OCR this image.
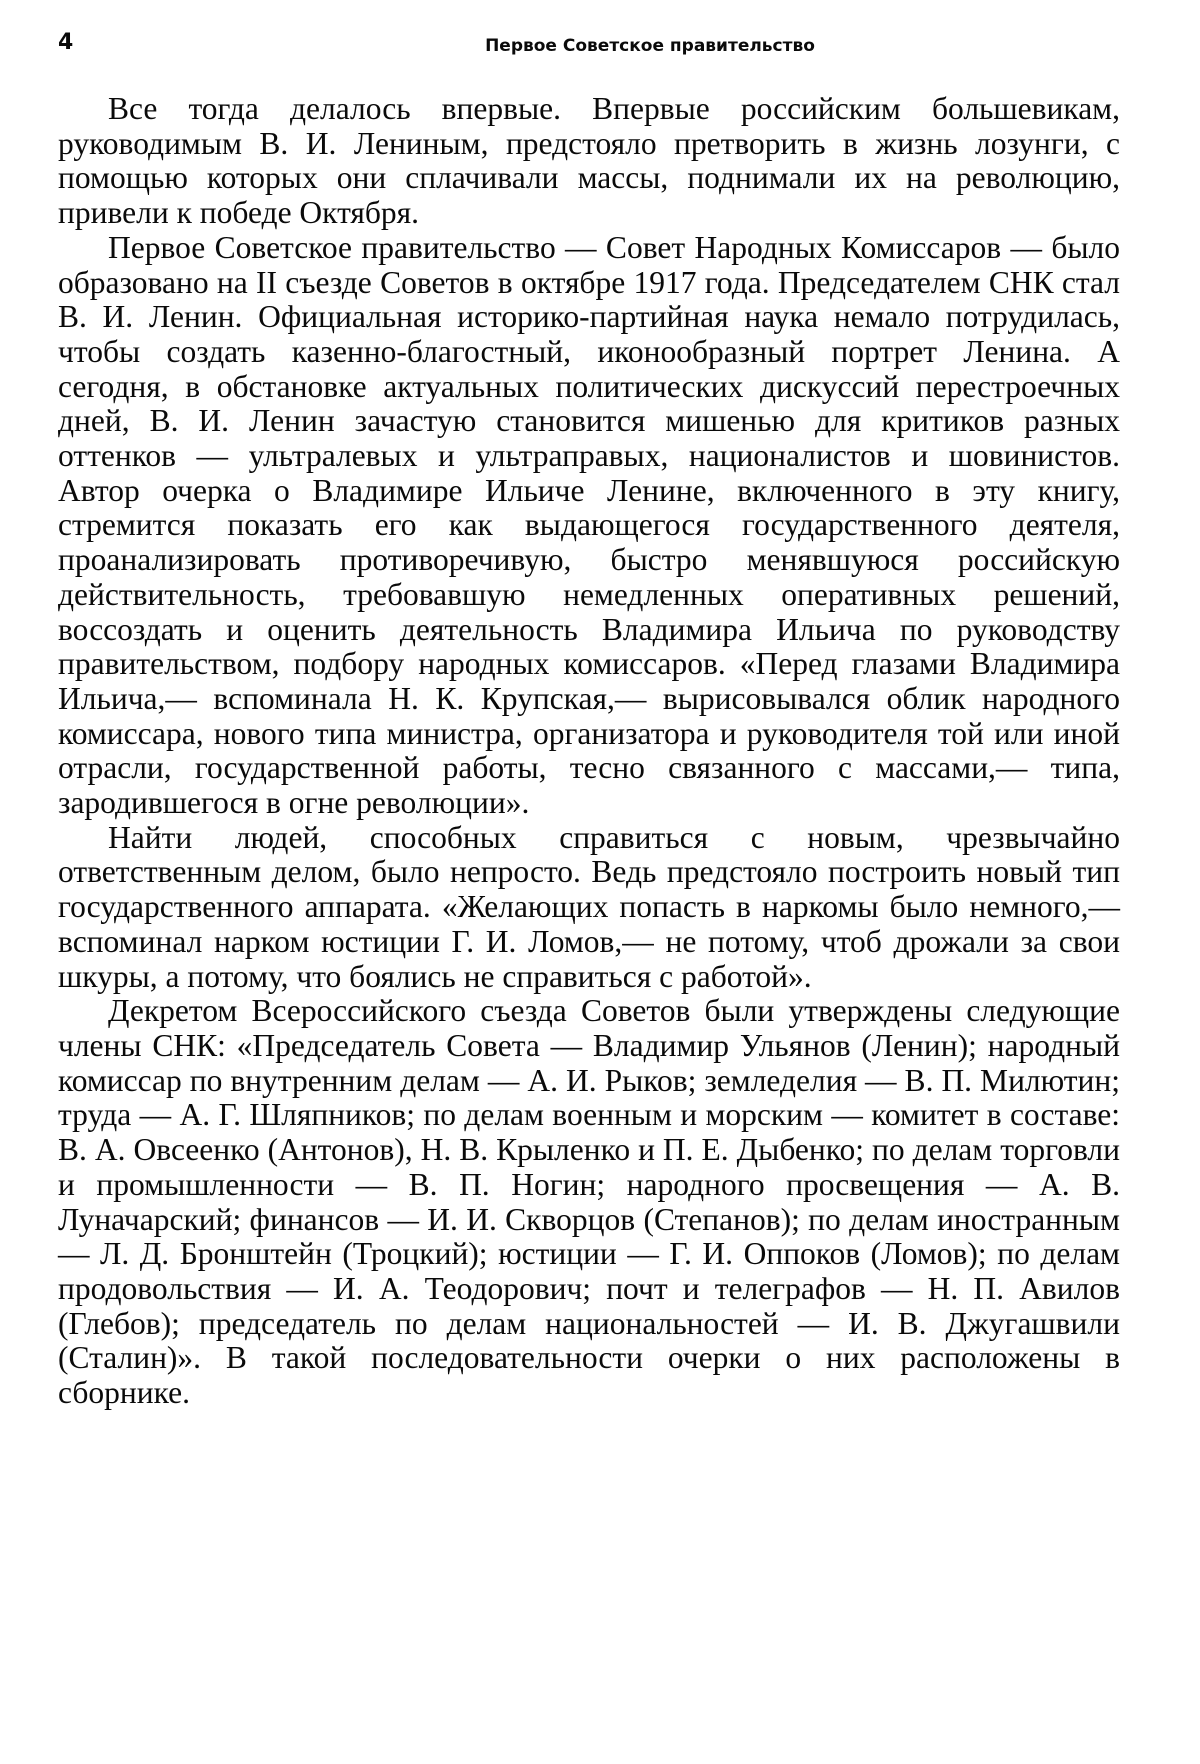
4	Первое Советское правительство

Все тогда делалось впервые. Впервые российским большевикам, руководимым В. И. Лениным, предстояло претворить в жизнь лозунги, с помощью которых они сплачивали массы, поднимали их на революцию, привели к победе Октября.

Первое Советское правительство — Совет Народных Комиссаров — было образовано на II съезде Советов в октябре 1917 года. Председателем СНК стал В. И. Ленин. Официальная историко-партийная наука немало потрудилась, чтобы создать казенно-благостный, иконообразный портрет Ленина. А сегодня, в обстановке актуальных политических дискуссий перестроечных дней, В. И. Ленин зачастую становится мишенью для критиков разных оттенков — ультралевых и ультраправых, националистов и шовинистов. Автор очерка о Владимире Ильиче Ленине, включенного в эту книгу, стремится показать его как выдающегося государственного деятеля, проанализировать противоречивую, быстро менявшуюся российскую действительность, требовавшую немедленных оперативных решений, воссоздать и оценить деятельность Владимира Ильича по руководству правительством, подбору народных комиссаров. «Перед глазами Владимира Ильича,— вспоминала Н. К. Крупская,— вырисовывался облик народного комиссара, нового типа министра, организатора и руководителя той или иной отрасли, государственной работы, тесно связанного с массами,— типа, зародившегося в огне революции».

Найти людей, способных справиться с новым, чрезвычайно ответственным делом, было непросто. Ведь предстояло построить новый тип государственного аппарата. «Желающих попасть в наркомы было немного,— вспоминал нарком юстиции Г. И. Ломов,— не потому, чтоб дрожали за свои шкуры, а потому, что боялись не справиться с работой».

Декретом Всероссийского съезда Советов были утверждены следующие члены СНК: «Председатель Совета — Владимир Ульянов (Ленин); народный комиссар по внутренним делам — А. И. Рыков; земледелия — В. П. Милютин; труда — А. Г. Шляпников; по делам военным и морским — комитет в составе: В. А. Овсеенко (Антонов), Н. В. Крыленко и П. Е. Дыбенко; по делам торговли и промышленности — В. П. Ногин; народного просвещения — А. В. Луначарский; финансов — И. И. Скворцов (Степанов); по делам иностранным — Л. Д. Бронштейн (Троцкий); юстиции — Г. И. Оппоков (Ломов); по делам продовольствия — И. А. Теодорович; почт и телеграфов — Н. П. Авилов (Глебов); председатель по делам национальностей — И. В. Джугашвили (Сталин)». В такой последовательности очерки о них расположены в сборнике.
